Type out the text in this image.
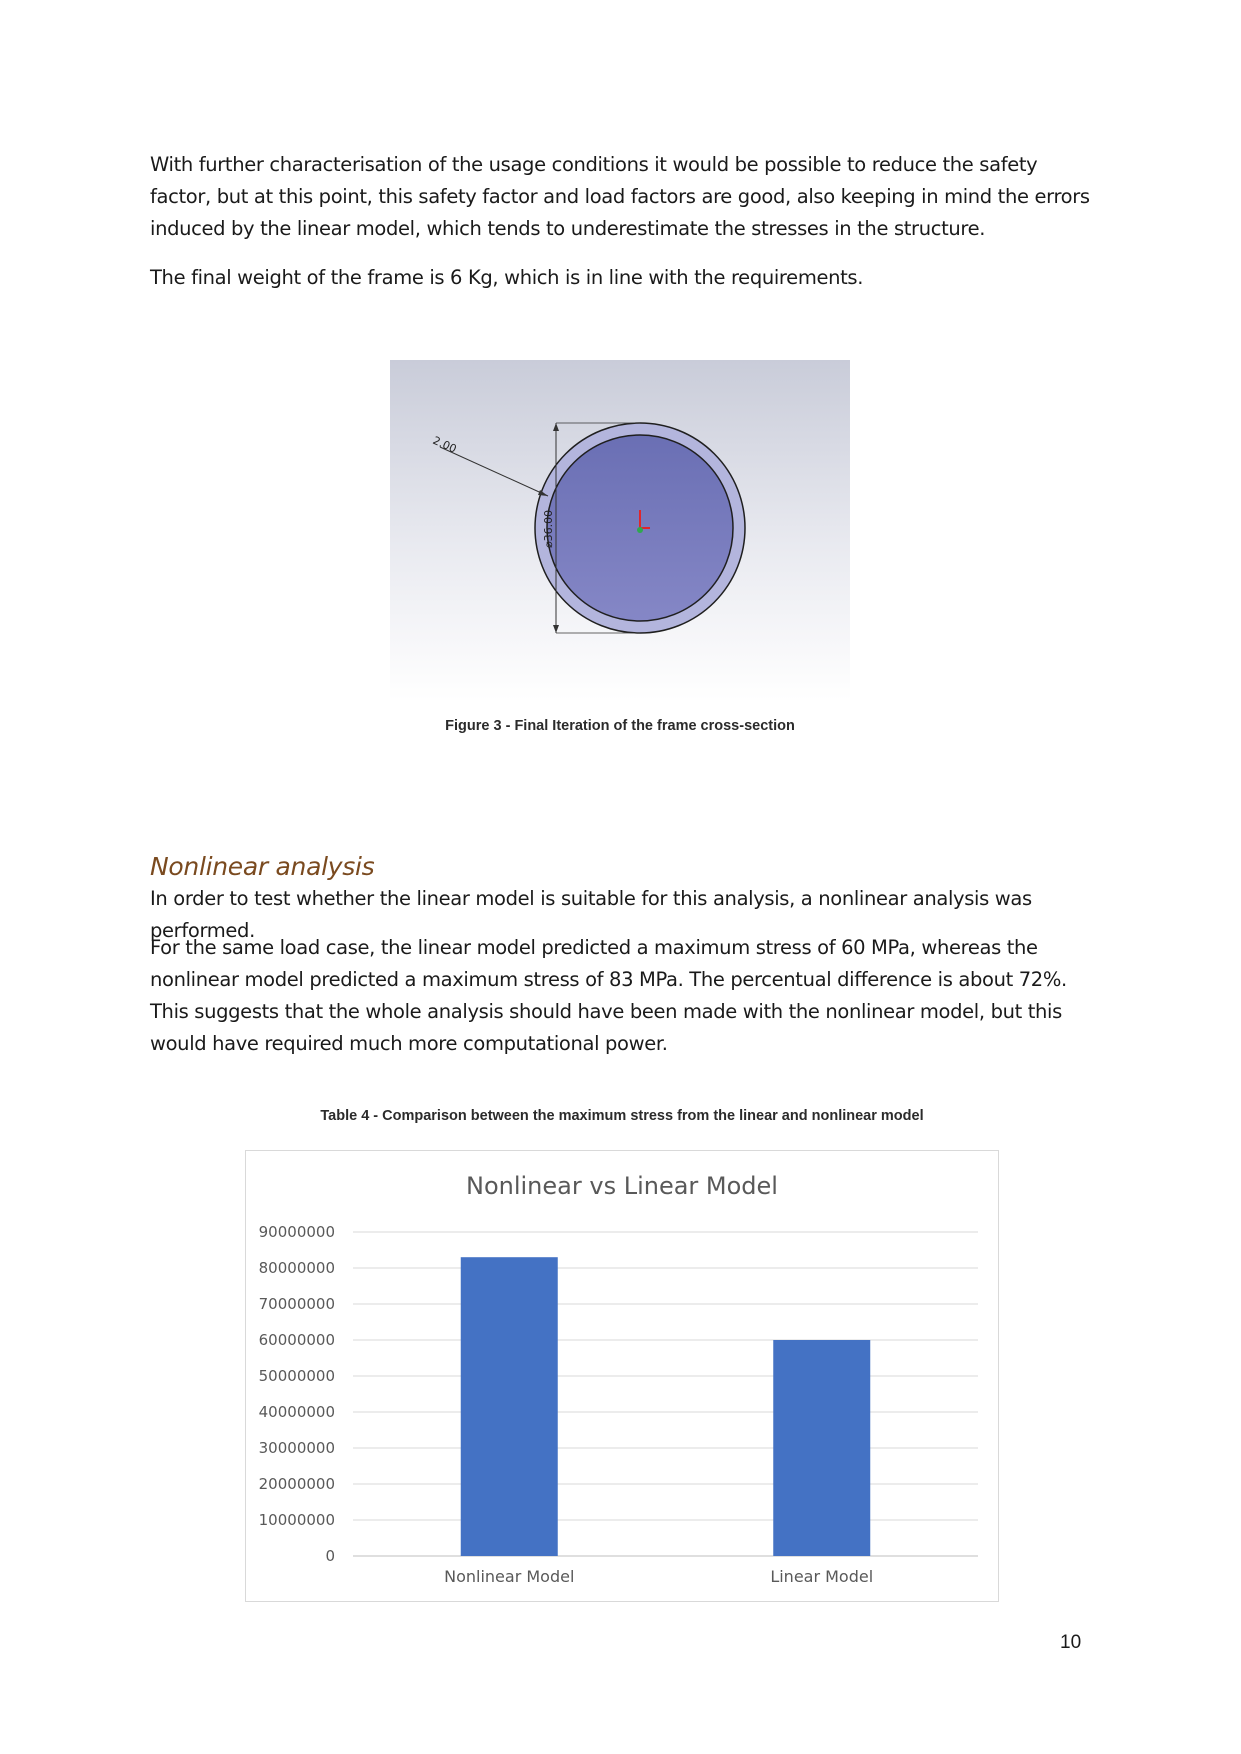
With further characterisation of the usage conditions it would be possible to reduce the safety factor, but at this point, this safety factor and load factors are good, also keeping in mind the errors induced by the linear model, which tends to underestimate the stresses in the structure.

The final weight of the frame is 6 Kg, which is in line with the requirements.

2.00
⌀36.00

Figure 3 - Final Iteration of the frame cross-section

Nonlinear analysis

In order to test whether the linear model is suitable for this analysis, a nonlinear analysis was performed.

For the same load case, the linear model predicted a maximum stress of 60 MPa, whereas the nonlinear model predicted a maximum stress of 83 MPa. The percentual difference is about 72%. This suggests that the whole analysis should have been made with the nonlinear model, but this would have required much more computational power.

Table 4 - Comparison between the maximum stress from the linear and nonlinear model

Nonlinear vs Linear Model
0
10000000
20000000
30000000
40000000
50000000
60000000
70000000
80000000
90000000
Nonlinear Model	Linear Model
10
